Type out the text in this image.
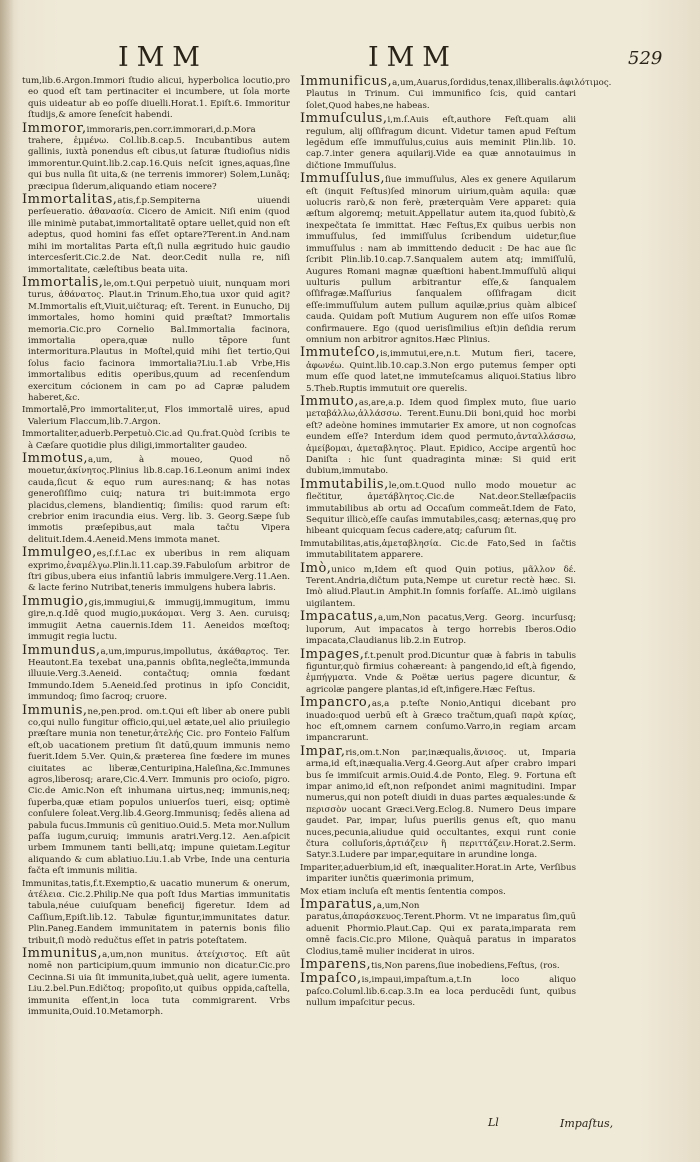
IMM	IMM	529

tum,lib.6.Argon.Immori ſtudio alicui, hyperbolica locutio,pro eo quod eſt tam pertinaciter ei incumbere, ut ſola morte quis uideatur ab eo poſſe diuelli.Horat.1. Epiſt.6. Immoritur ſtudijs,& amore ſeneſcit habendi.

Immoror,immoraris,pen.corr.immorari,d.p.Mora trahere, ἐμμένω. Col.lib.8.cap.5. Incubantibus autem gallinis, iuxtà ponendus eſt cibus,ut ſaturæ ſtudioſius nidis immorentur.Quint.lib.2.cap.16.Quis neſcit ignes,aquas,ſine qui bus nulla ſit uita,& (ne terrenis immorer) Solem,Lunãq; præcipua ſiderum,aliquando etiam nocere?

Immortalitas,atis,f.p.Sempiterna uiuendi perſeueratio. ἀθανασία. Cicero de Amicit. Niſi enim (quod ille minimè putabat,immortalitatē optare uellet,quid non eſt adeptus, quod homini fas eſſet optare?Terent.in And.nam mihi im mortalitas Parta eſt,ſi nulla ægritudo huic gaudio intercesſerit.Cic.2.de Nat. deor.Cedit nulla re, niſi immortalitate, cæleſtibus beata uita.

Immortalis,le,om.t.Qui perpetuò uiuit, nunquam mori turus, ἀθάνατος. Plaut.in Trinum.Eho,tua uxor quid agit? M.Immortalis eſt,Viuit,uičturaq; eſt. Terent. in Eunucho, Dij immortales, homo homini quid præſtat? Immortalis memoria.Cic.pro Cornelio Bal.Immortalia facinora, immortalia opera,quæ nullo tēpore ſunt intermoritura.Plautus in Moſtel,quid mihi ſiet tertio,Qui ſolus facio facinora immortalia?Liu.1.ab Vrbe,His immortalibus editis operibus,quum ad recenſendum exercitum cócionem in cam po ad Capræ paludem haberet,&c.

Immortalē,Pro immortaliter,ut, Flos immortalē uires, apud Valerium Flaccum,lib.7.Argon.

Immortaliter,aduerb.Perpetuò.Cic.ad Qu.frat.Quòd ſcribis te à Cæſare quotidie plus diligi,immortaliter gaudeo.

Immotus,a,um, à moueo, Quod nō mouetur,ἀκίνητος.Plinius lib.8.cap.16.Leonum animi index cauda,ſicut & equo rum aures:nanq; & has notas generoſiſſimo cuiq; natura tri buit:immota ergo placidus,clemens, blandientiq; ſimilis: quod rarum eſt: crebrior enim iracundia eius. Verg. lib. 3. Georg.Sæpe ſub immotis præſepibus,aut mala tačtu Vipera delituit.Idem.4.Aeneid.Mens immota manet.

Immulgeo,es,ſ.f.Lac ex uberibus in rem aliquam exprimo,ἐναμέλγω.Plin.li.11.cap.39.Fabuloſum arbitror de ſtri gibus,ubera eius infantiū labris immulgere.Verg.11.Aen. & lacte ferino Nutribat,teneris immulgens hubera labris.

Immugio,gis,immugiui,& immugij,immugitum, immu gire,n.q.Idē quod mugio,μυκάομαι. Verg 3. Aen. curuisq; immugiit Aetna cauernis.Idem 11. Aeneidos mœſtoq; immugit regia luctu.

Immundus,a,um,impurus,impollutus, ἀκάθαρτος. Ter. Heautont.Ea texebat una,pannis obſita,neglečta,immunda illuuie.Verg.3.Aeneid. contačtuq; omnia fœdant Immundo.Idem 5.Aeneid.ſed protinus in ipſo Concidit, immundoq; ſimo ſacroq; cruore.

Immunis,ne,pen.prod. om.t.Qui eſt liber ab onere publi co,qui nullo fungitur officio,qui,uel ætate,uel alio priuilegio præſtare munia non tenetur,ἀτελής Cic. pro Fonteio Falſum eſt,ob uacationem pretium ſit datū,quum immunis nemo fuerit.Idem 5.Ver. Quin,& præterea ſine fœdere im munes ciuitates ac liberæ,Centuripina,Haleſina,&c.Immunes agros,liberosq; arare,Cic.4.Verr. Immunis pro ocioſo, pigro. Cic.de Amic.Non eſt inhumana uirtus,neq; immunis,neq; ſuperba,quæ etiam populos uniuerſos tueri, eisq; optimè conſulere ſoleat.Verg.lib.4.Georg.Immunisq; ſedēs aliena ad pabula fucus.Immunis cū genitiuo.Ouid.5. Meta mor.Nullum paſſa iugum,curuiq; immunis aratri.Verg.12. Aen.aſpicit urbem Immunem tanti belli,atq; impune quietam.Legitur aliquando & cum ablatiuo.Liu.1.ab Vrbe, Inde una centuria fačta eſt immunis militia.

Immunitas,tatis,f.t.Exemptio,& uacatio munerum & onerum, ἀτέλεια. Cic.2.Philip.Ne qua poſt Idus Martias immunitatis tabula,néue cuiuſquam beneficij figeretur. Idem ad Caſſium,Epiſt.lib.12. Tabulæ figuntur,immunitates datur. Plin.Paneg.Eandem immunitatem in paternis bonis filio tribuit,ſi modò redučtus eſſet in patris poteſtatem.

Immunitus,a,um,non munitus. ἀτείχιστος. Eſt aūt nomē non participium,quum immunio non dicatur.Cic.pro Cecinna.Si uia ſit immunita,iubet,quà uelit, agere iumenta. Liu.2.bel.Pun.Edičtoq; propoſito,ut quibus oppida,caſtella, immunita eſſent,in loca tuta commigrarent. Vrbs immunita,Ouid.10.Metamorph.

Immunificus,a,um,Auarus,ſordidus,tenax,illiberalis.ἀφιλότιμος. Plautus in Trinum. Cui immunifico ſcis, quid cantari ſolet,Quod habes,ne habeas.

Immuſculus,i,m.ſ.Auis eſt,authore Feſt.quam alii regulum, alij oſſifragum dicunt. Videtur tamen apud Feſtum legēdum eſſe immuſſulus,cuius auis meminit Plin.lib. 10. cap.7.inter genera aquilarij.Vide ea quæ annotauimus in dičtione Immuſſulus.

Immuſſulus,ſiue immuſſulus, Ales ex genere Aquilarum eſt (inquit Feſtus)ſed minorum uirium,quàm aquila: quæ uolucris rarò,& non ferè, præterquàm Vere apparet: quia æſtum algoremq; metuit.Appellatur autem ita,quod ſubitò,& inexpečtata ſe immittat. Hæc Feſtus,Ex quibus uerbis non immuſſulus, ſed immiſſulus ſcribendum uidetur,ſiue immuſſulus : nam ab immittendo deducit : De hac aue ſic ſcribit Plin.lib.10.cap.7.Sanqualem autem atq; immiſſulū, Augures Romani magnæ quæſtioni habent.Immuſſulū aliqui uulturis pullum arbitrantur eſſe,& ſanqualem oſſifragæ.Maſſurius ſanqualem oſſifragam dicit eſſe:immuſſulum autem pullum aquilæ,prius quàm albiceſ cauda. Quidam poſt Mutium Augurem non eſſe uiſos Romæ confirmauere. Ego (quod uerisſimilius eſt)in deſidia rerum omnium non arbitror agnitos.Hæc Plinius.

Immuteſco,is,immutui,ere,n.t. Mutum fieri, tacere, ἀφωνέω. Quint.lib.10.cap.3.Non ergo putemus ſemper opti mum eſſe quod latet,ne immuteſcamus aliquoi.Statius libro 5.Theb.Ruptis immutuit ore querelis.

Immuto,as,are,a.p. Idem quod ſimplex muto, ſiue uario μεταβάλλω,ἀλλάσσω. Terent.Eunu.Dii boni,quid hoc morbi eſt? adeòne homines immutarier Ex amore, ut non cognoſcas eundem eſſe? Interdum idem quod permuto,ἀνταλλάσσω, ἀμείβομαι, ἀμεταβλητος. Plaut. Epidico, Accipe argentū hoc Daniſta : hic ſunt quadraginta minæ: Si quid erit dubium,immutabo.

Immutabilis,le,om.t.Quod nullo modo mouetur ac flečtitur, ἀμετάβλητος.Cic.de Nat.deor.Stellæſpaciis immutabilibus ab ortu ad Occaſum commeāt.Idem de Fato, Sequitur illicò,eſſe cauſas immutabiles,casq; æternas,quę pro hibeant quicquam ſecus cadere,atq; caſurum ſit.

Immutabilitas,atis,ἀμεταβλησία. Cic.de Fato,Sed in ſačtis immutabilitatem apparere.

Imò,unico m,Idem eſt quod Quin potius, μᾶλλον δέ. Terent.Andria,dičtum puta,Nempe ut curetur rectè hæc. Si. Imò aliud.Plaut.in Amphit.In ſomnis forſaſſe. AL.imò uigilans uigilantem.

Impacatus,a,um,Non pacatus,Verg. Georg. incurſusq; luporum, Aut impacatos à tergo horrebis Iberos.Odio impacata,Claudianus lib.2.in Eutrop.

Impages,f.t.penult prod.Dicuntur quæ à fabris in tabulis figuntur,quò firmius cohæreant: à pangendo,id eſt,à figendo, ἐμπήγματα. Vnde & Poëtæ uerius pagere dicuntur, & agricolæ pangere plantas,id eſt,infigere.Hæc Feſtus.

Impancro,as,a p.teſte Nonio,Antiqui dicebant pro inuado:quod uerbū eſt à Græco tračtum,quaſi παρὰ κρίας, hoc eſt,omnem carnem conſumo.Varro,in regiam arcam impancrarunt.

Impar,ris,om.t.Non par,inæqualis,ἄνισος. ut, Imparia arma,id eſt,inæqualia.Verg.4.Georg.Aut aſper crabro impari bus ſe immiſcuit armis.Ouid.4.de Ponto, Eleg. 9. Fortuna eſt impar animo,id eſt,non reſpondet animi magnitudini. Impar numerus,qui non poteſt diuidi in duas partes æquales:unde & περισσὸν uocant Græci.Verg.Eclog.8. Numero Deus impare gaudet. Par, impar, luſus puerilis genus eſt, quo manu nuces,pecunia,aliudue quid occultantes, exqui runt conie čtura colluſoris,ἀρτιάζειν ἢ περιττάζειν.Horat.2.Serm. Satyr.3.Ludere par impar,equitare in arundine longa.

Impariter,aduerbium,id eſt, inæqualiter.Horat.in Arte, Verſibus impariter iunčtis quærimonia primum,

Mox etiam incluſa eſt mentis ſententia compos.

Imparatus,a,um,Non paratus,ἀπαράσκευος.Terent.Phorm. Vt ne imparatus ſim,quū aduenit Phormio.Plaut.Cap. Qui ex parata,imparata rem omnē facis.Cic.pro Milone, Quàquā paratus in imparatos Clodius,tamē mulier inciderat in uiros.

Imparens,tis,Non parens,ſiue inobediens,Feſtus, (ros.

Impaſco,is,impaui,impaſtum.a,t.In loco aliquo paſco.Columl.lib.6.cap.3.In ea loca perducēdi ſunt, quibus nullum impaſcitur pecus.

Ll	Impaſtus,
